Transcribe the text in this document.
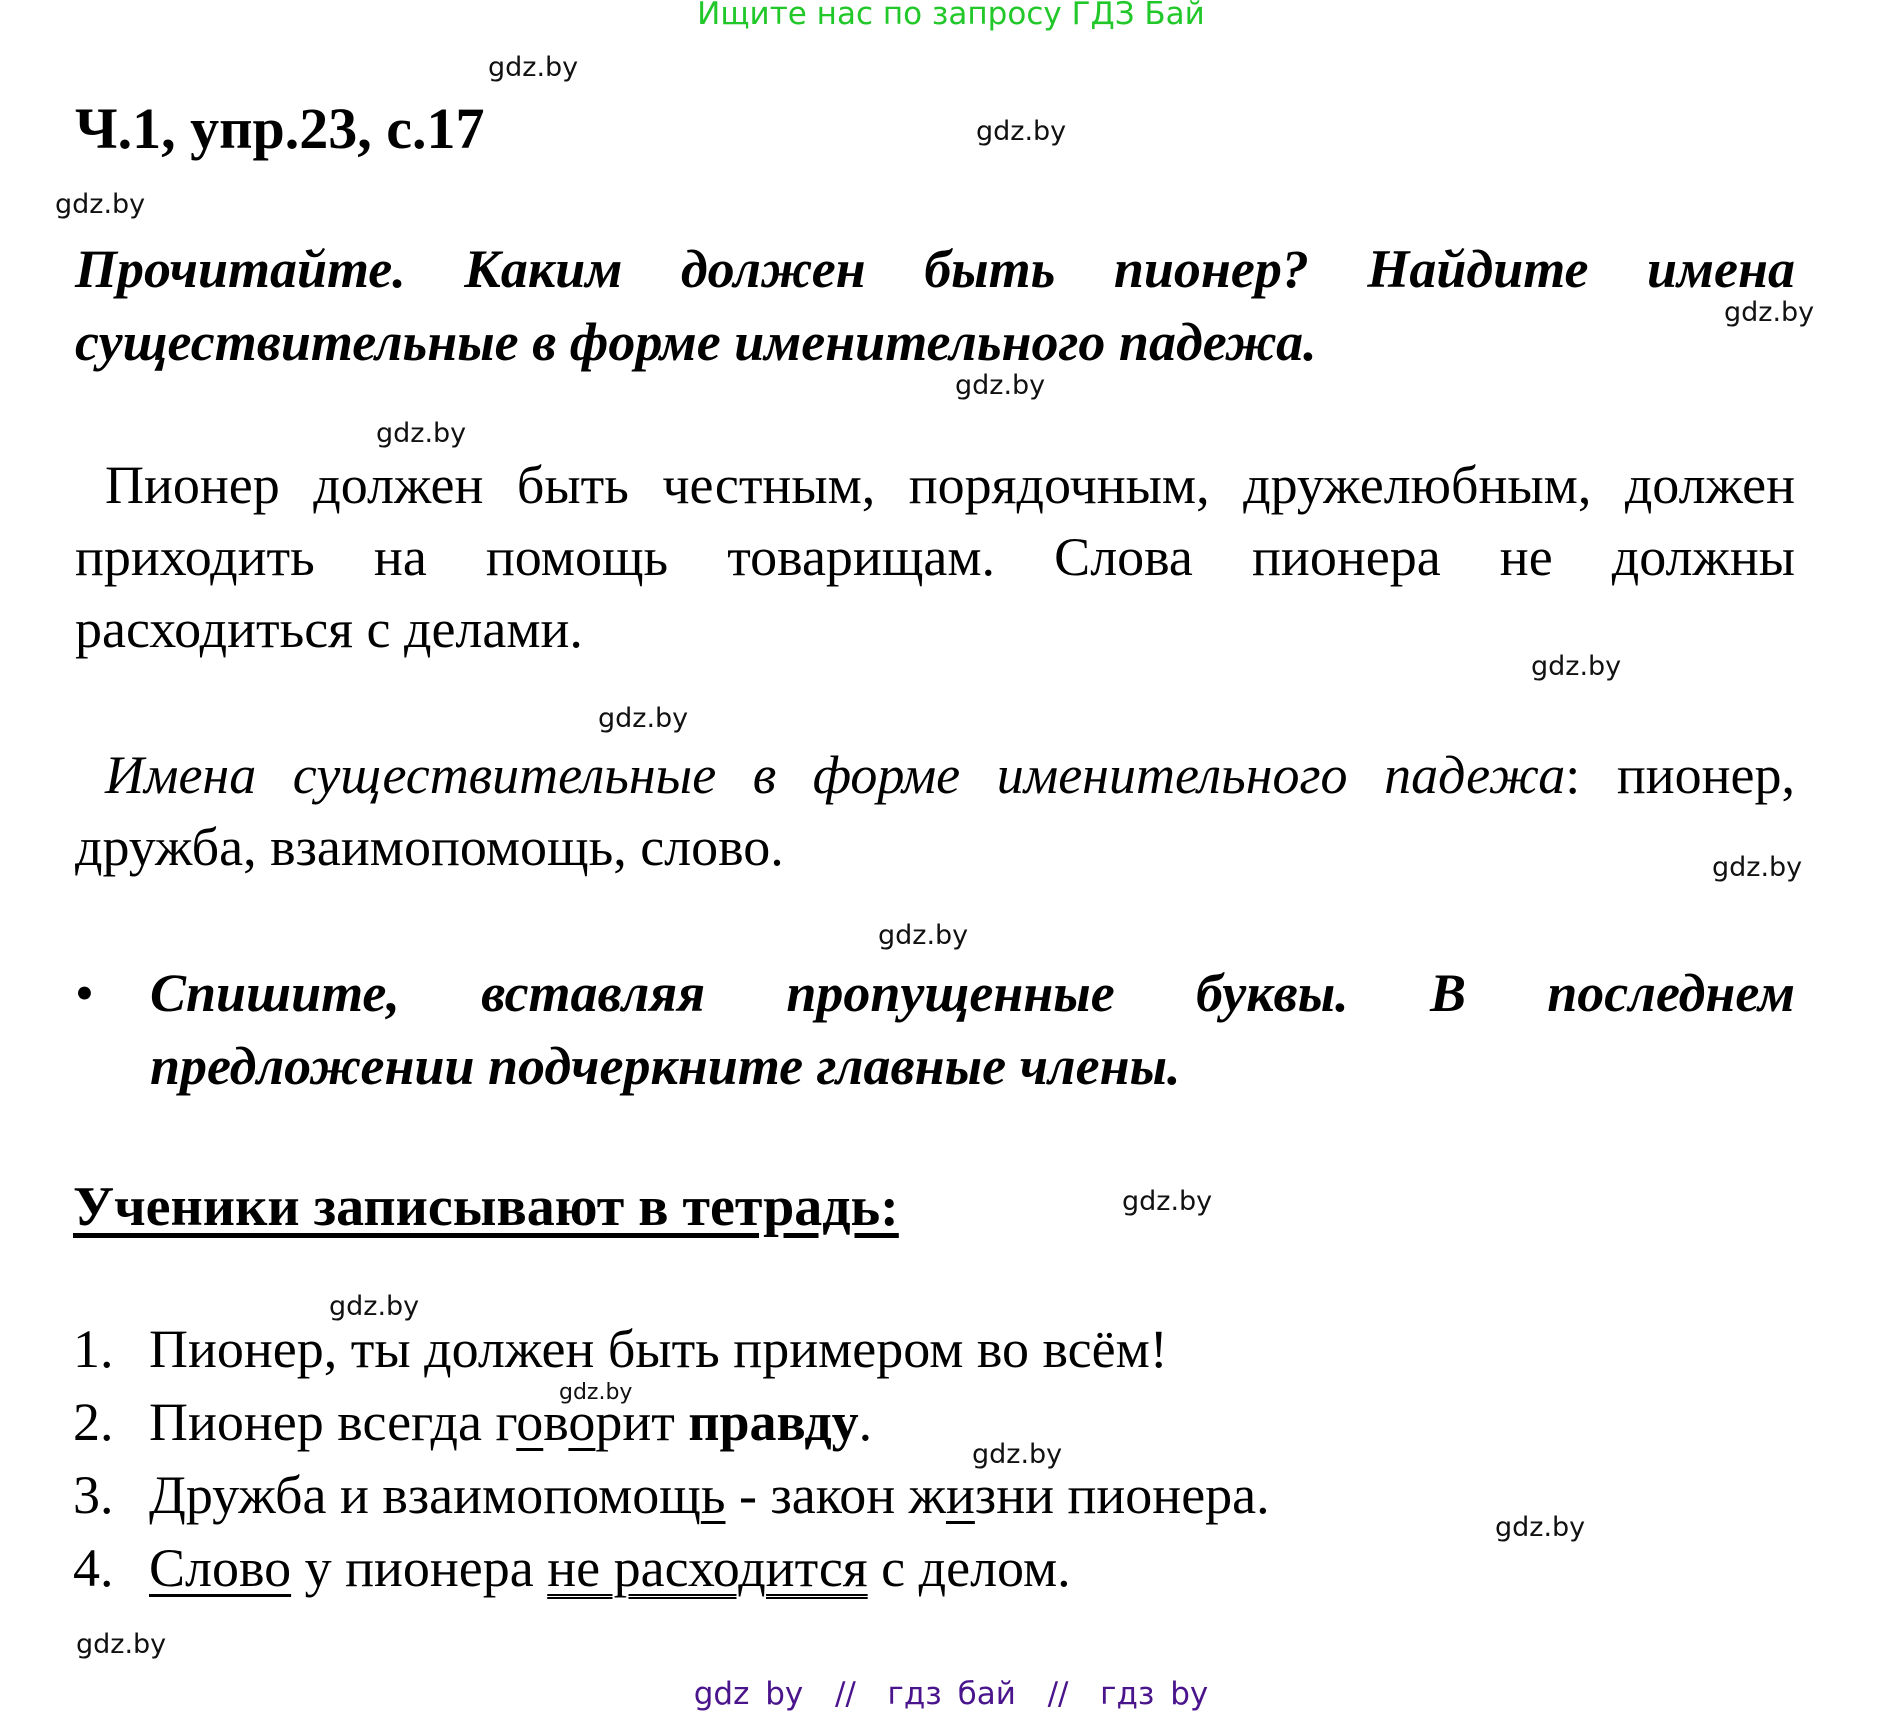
Ищите нас по запросу ГДЗ Бай
gdz.by
gdz.by
gdz.by
gdz.by
gdz.by
gdz.by
gdz.by
gdz.by
gdz.by
gdz.by
gdz.by
gdz.by
gdz.by
gdz.by
gdz.by
gdz.by
Ч.1, упр.23, с.17
Прочитайте. Каким должен быть пионер? Найдите имена
существительные в форме именительного падежа.
Пионер должен быть честным, порядочным, дружелюбным, должен
приходить на помощь товарищам. Слова пионера не должны
расходиться с делами.
Имена существительные в форме именительного падежа: пионер,
дружба, взаимопомощь, слово.
• Спишите, вставляя пропущенные буквы. В последнем
предложении подчеркните главные члены.
Ученики записывают в тетрадь:
1. Пионер, ты должен быть примером во всём!
2. Пионер всегда говорит правду.
3. Дружба и взаимопомощь - закон жизни пионера.
4. Слово у пионера не расходится с делом.
gdz by  //  гдз бай  //  гдз by
